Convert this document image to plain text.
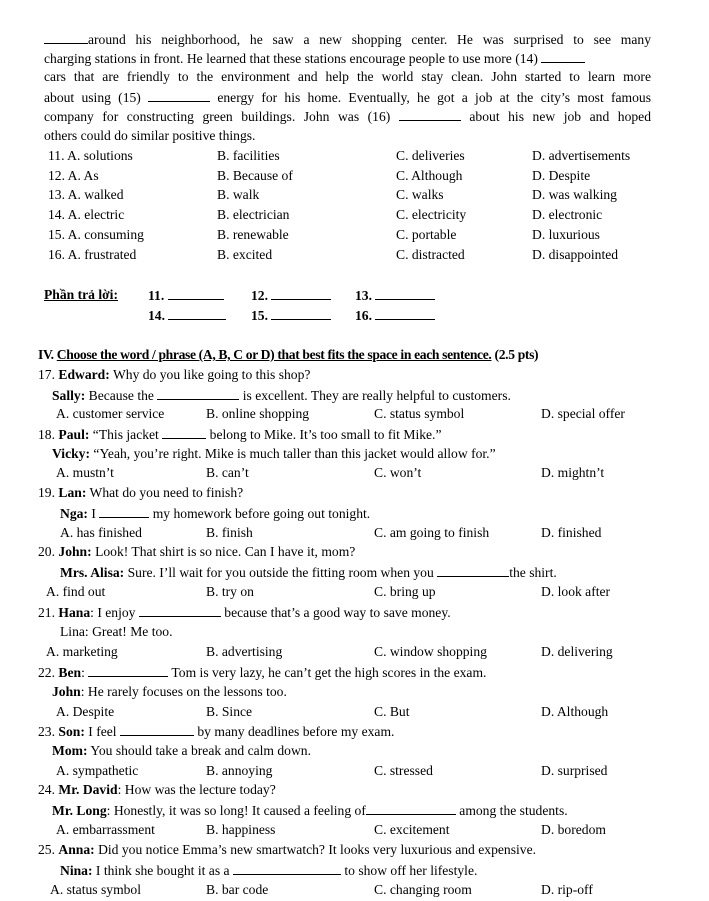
around his neighborhood, he saw a new shopping center. He was surprised to see many
charging stations in front. He learned that these stations encourage people to use more (14)
cars that are friendly to the environment and help the world stay clean. John started to learn more
about using (15)	energy for his home. Eventually, he got a job at the city’s most famous
company for constructing green buildings. John was (16)	about his new job and hoped
others could do similar positive things.
11. A. solutions	B. facilities	C. deliveries	D. advertisements
12. A. As	B. Because of	C. Although	D. Despite
13. A. walked	B. walk	C. walks	D. was walking
14. A. electric	B. electrician	C. electricity	D. electronic
15. A. consuming	B. renewable	C. portable	D. luxurious
16. A. frustrated	B. excited	C. distracted	D. disappointed
Phần trả lời: 11.	12.	13.
14.	15.	16.
IV. Choose the word / phrase (A, B, C or D) that best fits the space in each sentence. (2.5 pts)
17. Edward: Why do you like going to this shop?
Sally: Because the	is excellent. They are really helpful to customers.
A. customer service	B. online shopping	C. status symbol	D. special offer
18. Paul: “This jacket	belong to Mike. It’s too small to fit Mike.”
Vicky: “Yeah, you’re right. Mike is much taller than this jacket would allow for.”
A. mustn’t	B. can’t	C. won’t	D. mightn’t
19. Lan: What do you need to finish?
Nga: I	my homework before going out tonight.
A. has finished	B. finish	C. am going to finish	D. finished
20. John: Look! That shirt is so nice. Can I have it, mom?
Mrs. Alisa: Sure. I’ll wait for you outside the fitting room when you	the shirt.
A. find out	B. try on	C. bring up	D. look after
21. Hana: I enjoy	because that’s a good way to save money.
Lina: Great! Me too.
A. marketing	B. advertising	C. window shopping	D. delivering
22. Ben:	Tom is very lazy, he can’t get the high scores in the exam.
John: He rarely focuses on the lessons too.
A. Despite	B. Since	C. But	D. Although
23. Son: I feel	by many deadlines before my exam.
Mom: You should take a break and calm down.
A. sympathetic	B. annoying	C. stressed	D. surprised
24. Mr. David: How was the lecture today?
Mr. Long: Honestly, it was so long! It caused a feeling of	among the students.
A. embarrassment	B. happiness	C. excitement	D. boredom
25. Anna: Did you notice Emma’s new smartwatch? It looks very luxurious and expensive.
Nina: I think she bought it as a	to show off her lifestyle.
A. status symbol	B. bar code	C. changing room	D. rip-off
